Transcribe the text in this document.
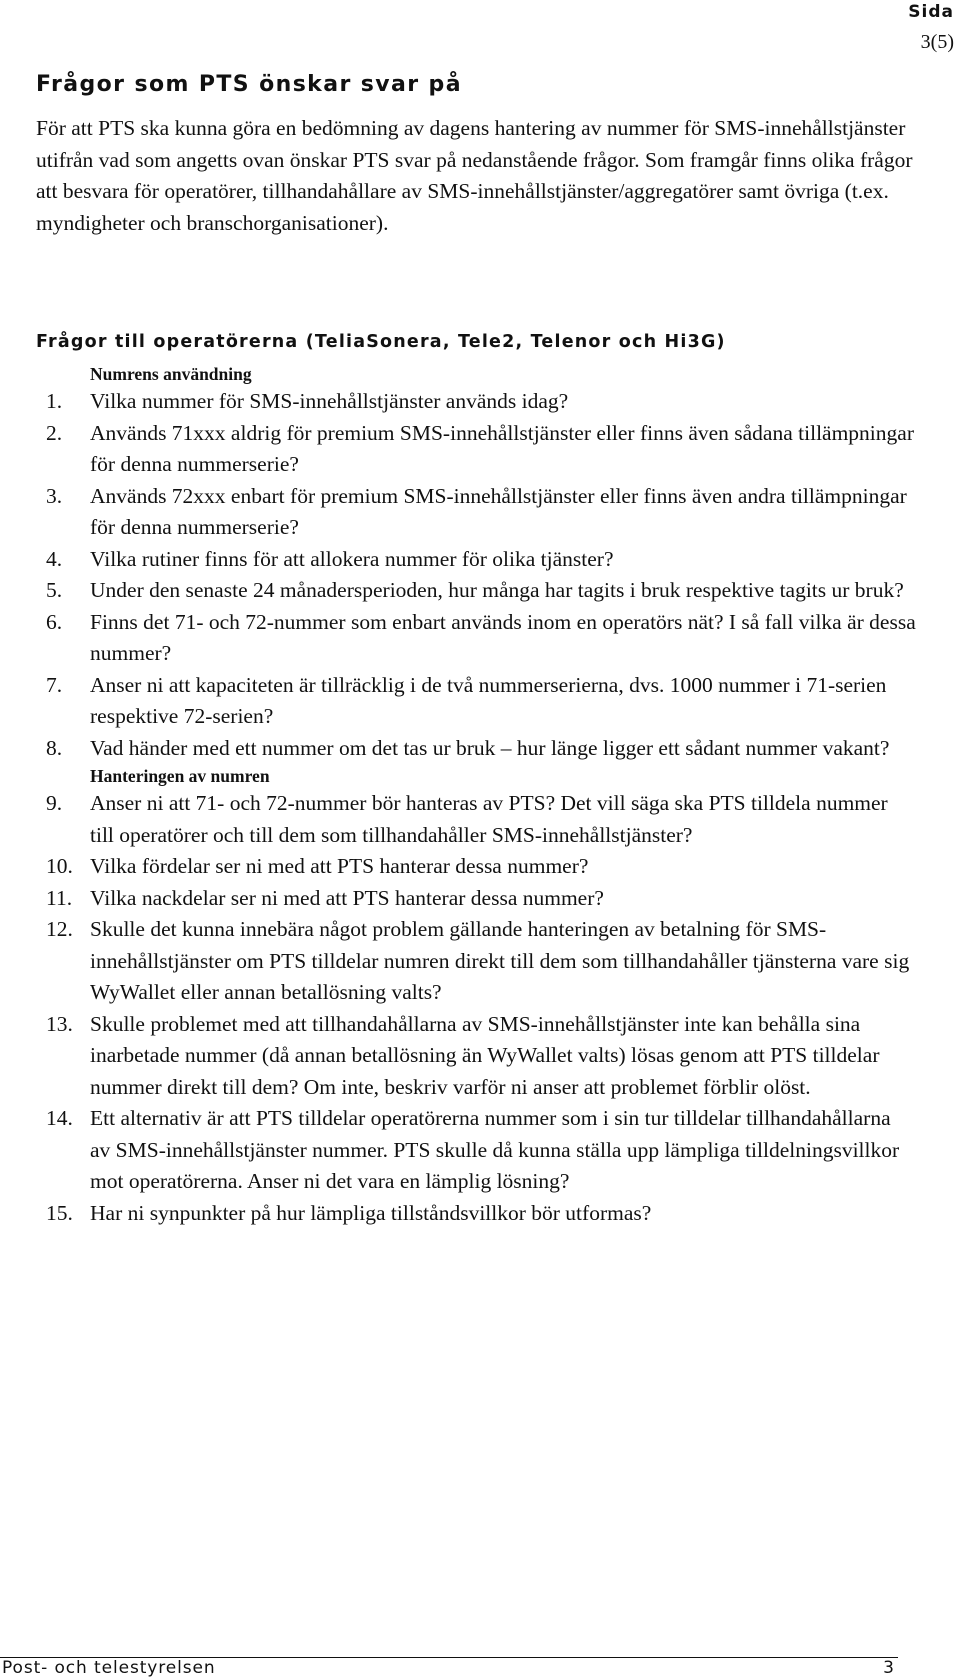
Sida
3(5)
Frågor som PTS önskar svar på

För att PTS ska kunna göra en bedömning av dagens hantering av nummer för SMS-innehållstjänster utifrån vad som angetts ovan önskar PTS svar på nedanstående frågor. Som framgår finns olika frågor att besvara för operatörer, tillhandahållare av SMS-innehållstjänster/aggregatörer samt övriga (t.ex. myndigheter och branschorganisationer).

Frågor till operatörerna (TeliaSonera, Tele2, Telenor och Hi3G)
Numrens användning
1.	Vilka nummer för SMS-innehållstjänster används idag?
2.	Används 71xxx aldrig för premium SMS-innehållstjänster eller finns även sådana tillämpningar för denna nummerserie?
3.	Används 72xxx enbart för premium SMS-innehållstjänster eller finns även andra tillämpningar för denna nummerserie?
4.	Vilka rutiner finns för att allokera nummer för olika tjänster?
5.	Under den senaste 24 månadersperioden, hur många har tagits i bruk respektive tagits ur bruk?
6.	Finns det 71- och 72-nummer som enbart används inom en operatörs nät? I så fall vilka är dessa nummer?
7.	Anser ni att kapaciteten är tillräcklig i de två nummerserierna, dvs. 1000 nummer i 71-serien respektive 72-serien?
8.	Vad händer med ett nummer om det tas ur bruk – hur länge ligger ett sådant nummer vakant?
Hanteringen av numren
9.	Anser ni att 71- och 72-nummer bör hanteras av PTS? Det vill säga ska PTS tilldela nummer till operatörer och till dem som tillhandahåller SMS-innehållstjänster?
10. Vilka fördelar ser ni med att PTS hanterar dessa nummer?
11. Vilka nackdelar ser ni med att PTS hanterar dessa nummer?
12. Skulle det kunna innebära något problem gällande hanteringen av betalning för SMS-innehållstjänster om PTS tilldelar numren direkt till dem som tillhandahåller tjänsterna vare sig WyWallet eller annan betallösning valts?
13. Skulle problemet med att tillhandahållarna av SMS-innehållstjänster inte kan behålla sina inarbetade nummer (då annan betallösning än WyWallet valts) lösas genom att PTS tilldelar nummer direkt till dem? Om inte, beskriv varför ni anser att problemet förblir olöst.
14. Ett alternativ är att PTS tilldelar operatörerna nummer som i sin tur tilldelar tillhandahållarna av SMS-innehållstjänster nummer. PTS skulle då kunna ställa upp lämpliga tilldelningsvillkor mot operatörerna. Anser ni det vara en lämplig lösning?
15. Har ni synpunkter på hur lämpliga tillståndsvillkor bör utformas?
Post- och telestyrelsen	3
